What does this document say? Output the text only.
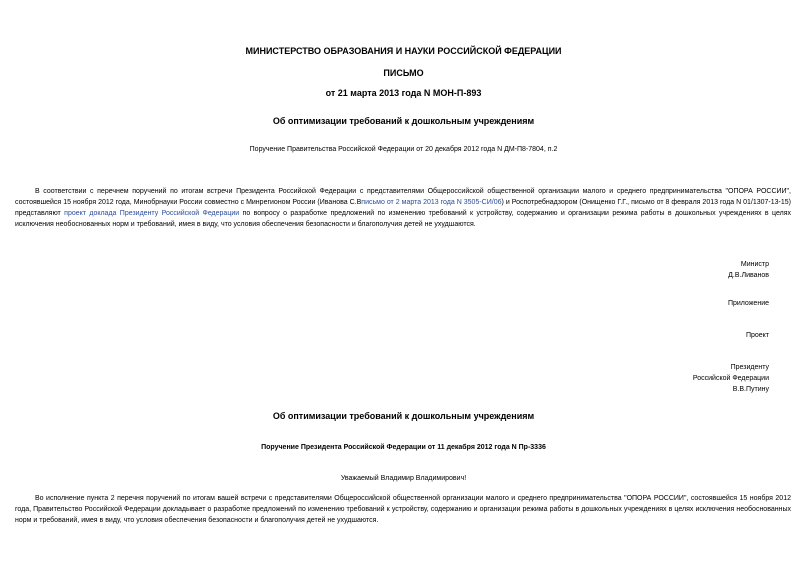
МИНИСТЕРСТВО ОБРАЗОВАНИЯ И НАУКИ РОССИЙСКОЙ ФЕДЕРАЦИИ
ПИСЬМО
от 21 марта 2013 года N МОН-П-893
Об оптимизации требований к дошкольным учреждениям
Поручение Правительства Российской Федерации от 20 декабря 2012 года N ДМ-П8-7804, п.2
В соответствии с перечнем поручений по итогам встречи Президента Российской Федерации с представителями Общероссийской общественной организации малого и среднего предпринимательства "ОПОРА РОССИИ", состоявшейся 15 ноября 2012 года, Минобрнауки России совместно с Минрегионом России (Иванова С.Вписьмо от 2 марта 2013 года N 3505-СИ/06) и Роспотребнадзором (Онищенко Г.Г., письмо от 8 февраля 2013 года N 01/1307-13-15) представляют проект доклада Президенту Российской Федерации по вопросу о разработке предложений по изменению требований к устройству, содержанию и организации режима работы в дошкольных учреждениях в целях исключения необоснованных норм и требований, имея в виду, что условия обеспечения безопасности и благополучия детей не ухудшаются.
Министр
Д.В.Ливанов
Приложение
Проект
Президенту
Российской Федерации
В.В.Путину
Об оптимизации требований к дошкольным учреждениям
Поручение Президента Российской Федерации от 11 декабря 2012 года N Пр-3336
Уважаемый Владимир Владимирович!
Во исполнение пункта 2 перечня поручений по итогам вашей встречи с представителями Общероссийской общественной организации малого и среднего предпринимательства "ОПОРА РОССИИ", состоявшейся 15 ноября 2012 года, Правительство Российской Федерации докладывает о разработке предложений по изменению требований к устройству, содержанию и организации режима работы в дошкольных учреждениях в целях исключения необоснованных норм и требований, имея в виду, что условия обеспечения безопасности и благополучия детей не ухудшаются.
